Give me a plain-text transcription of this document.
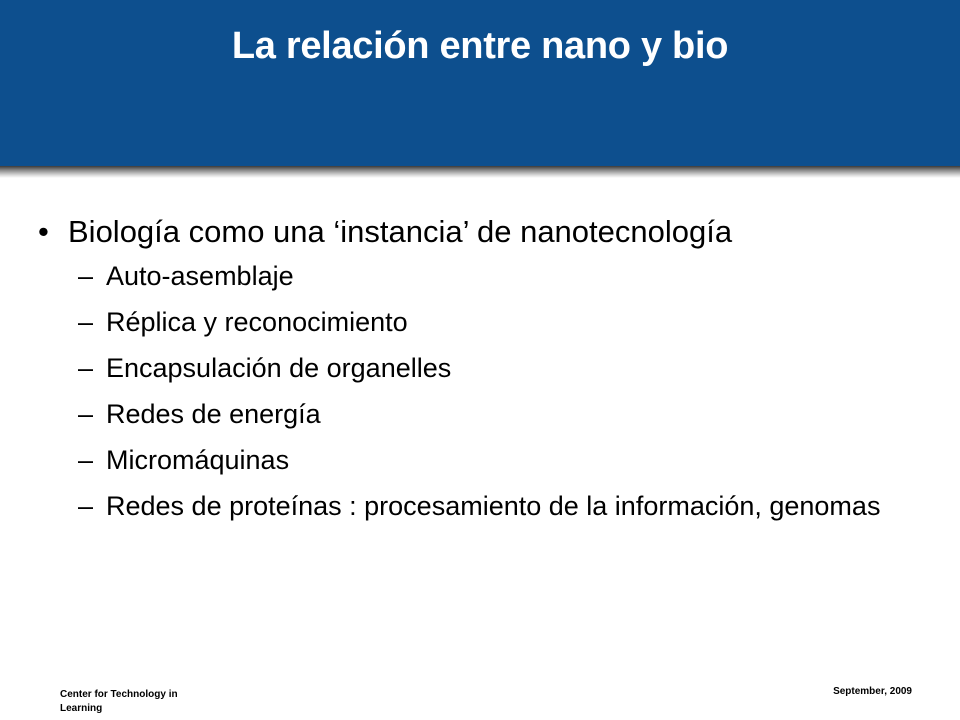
La relación entre nano y bio
• Biología como una ‘instancia’ de nanotecnología
– Auto-asemblaje
– Réplica y reconocimiento
– Encapsulación de organelles
– Redes de energía
– Micromáquinas
– Redes de proteínas : procesamiento de la información, genomas
Center for Technology in Learning
September, 2009
